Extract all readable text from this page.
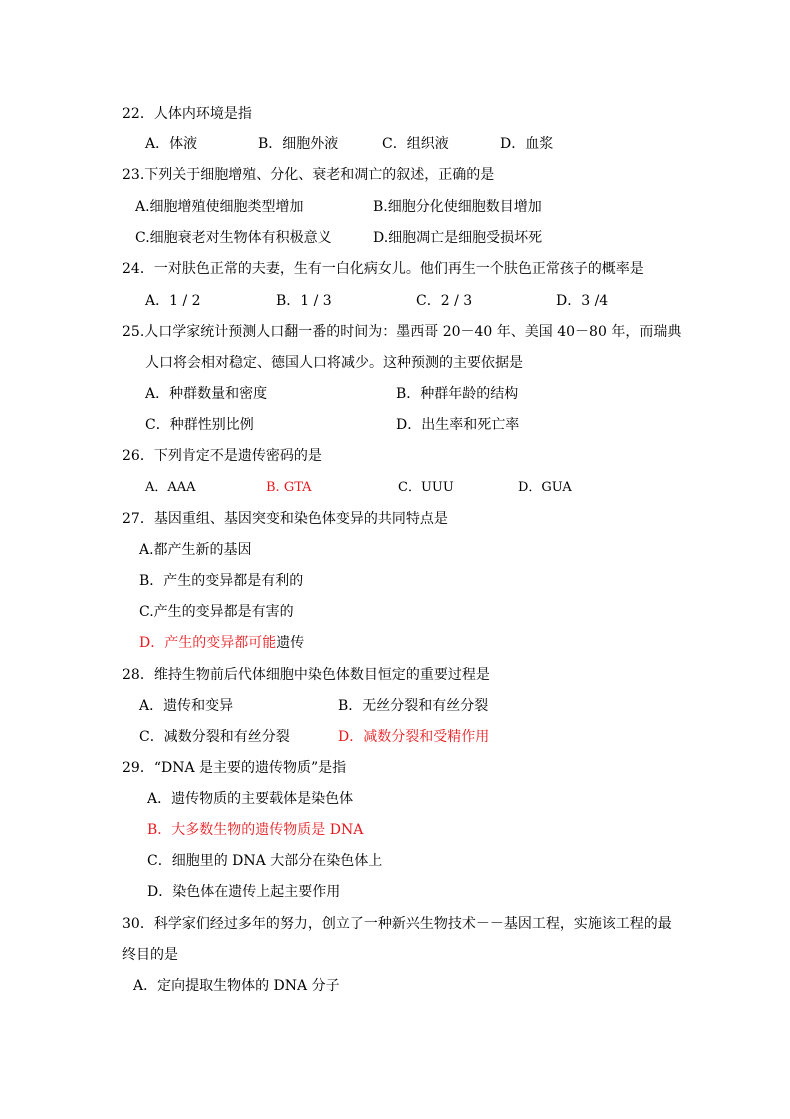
22．人体内环境是指
A．体液	B．细胞外液	C．组织液	D．血浆
23.下列关于细胞增殖、分化、衰老和凋亡的叙述，正确的是
A.细胞增殖使细胞类型增加	B.细胞分化使细胞数目增加
C.细胞衰老对生物体有积极意义	D.细胞凋亡是细胞受损坏死
24．一对肤色正常的夫妻，生有一白化病女儿。他们再生一个肤色正常孩子的概率是
A．1 / 2	B．1 / 3	C．2 / 3	D．3 /4
25.人口学家统计预测人口翻一番的时间为：墨西哥 20－40 年、美国 40－80 年，而瑞典
人口将会相对稳定、德国人口将减少。这种预测的主要依据是
A．种群数量和密度	B．种群年龄的结构
C．种群性别比例	D．出生率和死亡率
26．下列肯定不是遗传密码的是
A．AAA	B. GTA	C．UUU	D．GUA
27．基因重组、基因突变和染色体变异的共同特点是
A.都产生新的基因
B．产生的变异都是有利的
C.产生的变异都是有害的
D．产生的变异都可能遗传
28．维持生物前后代体细胞中染色体数目恒定的重要过程是
A．遗传和变异	B．无丝分裂和有丝分裂
C．减数分裂和有丝分裂	D．减数分裂和受精作用
29．“DNA 是主要的遗传物质”是指
A．遗传物质的主要载体是染色体
B．大多数生物的遗传物质是 DNA
C．细胞里的 DNA 大部分在染色体上
D．染色体在遗传上起主要作用
30．科学家们经过多年的努力，创立了一种新兴生物技术－－基因工程，实施该工程的最
终目的是
A．定向提取生物体的 DNA 分子
